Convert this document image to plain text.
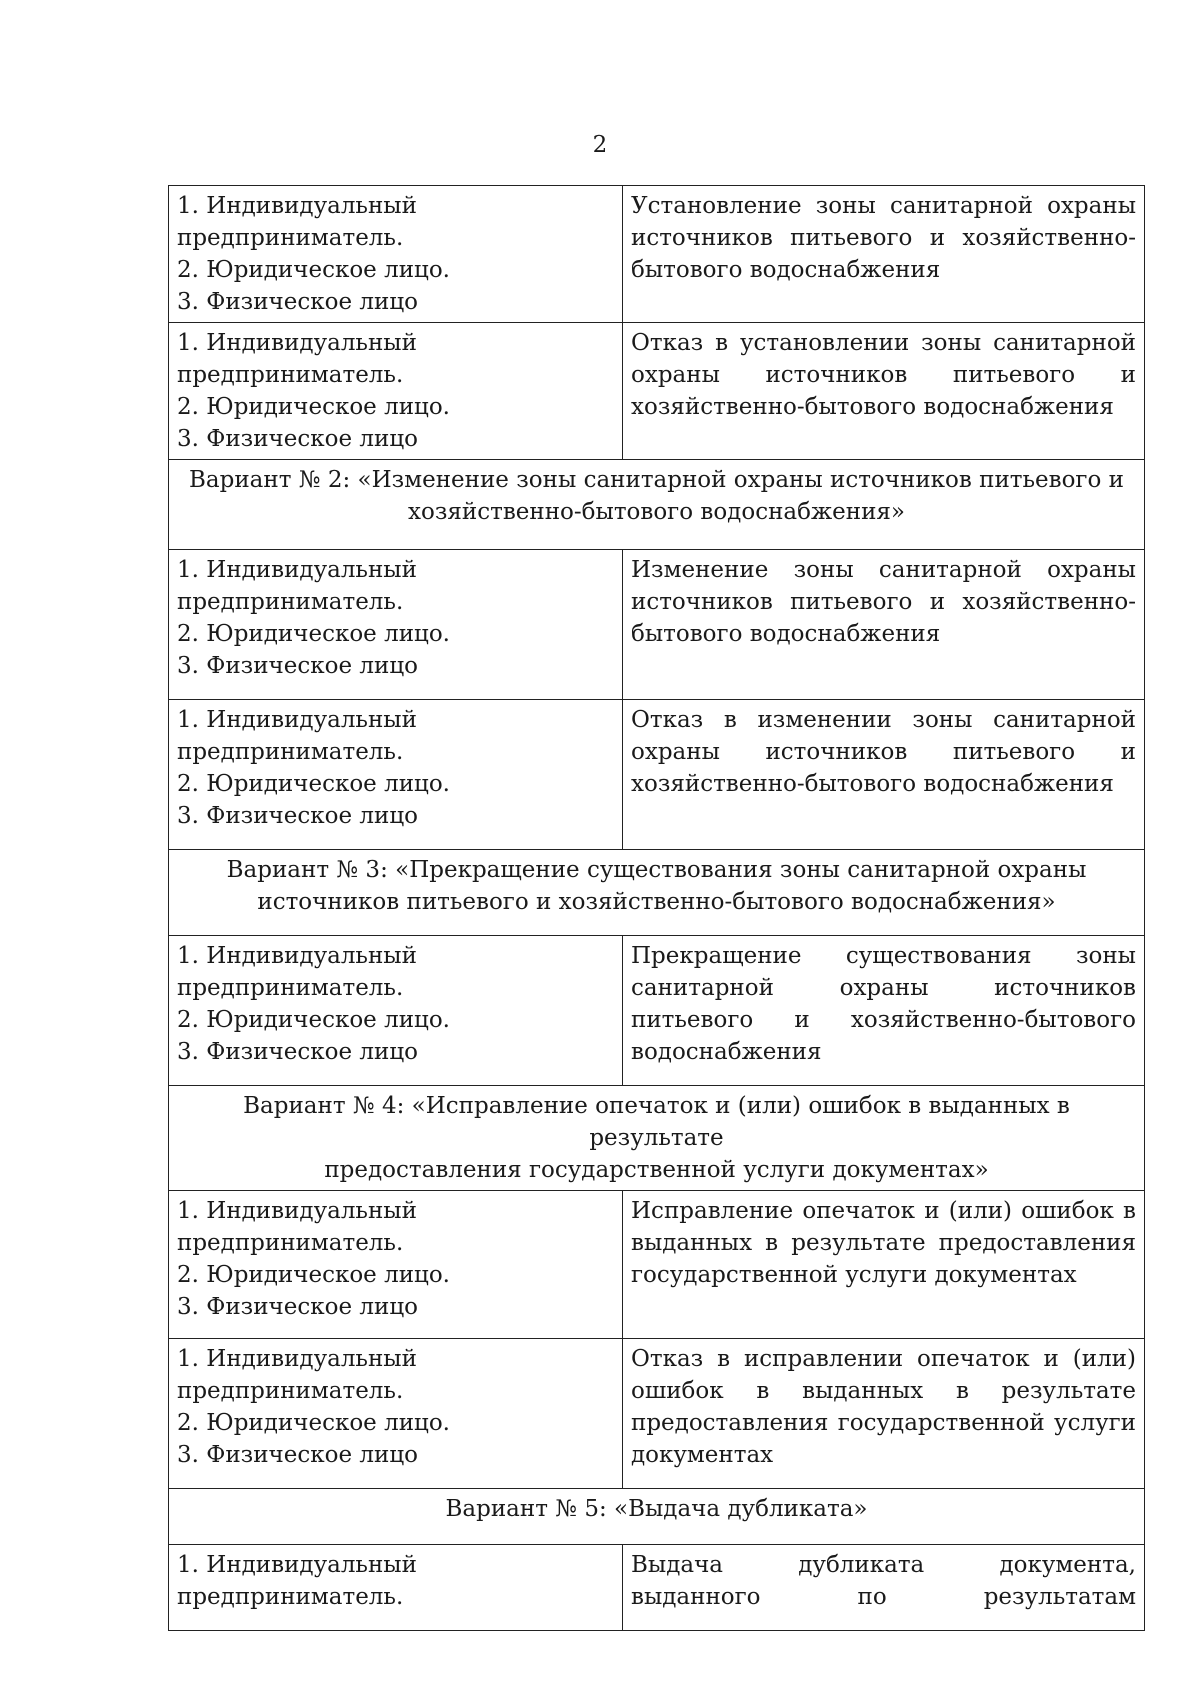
2
1. Индивидуальный
предприниматель.
2. Юридическое лицо.
3. Физическое лицо	Установление зоны санитарной охраны
источников питьевого и хозяйственно-
бытового водоснабжения

1. Индивидуальный
предприниматель.
2. Юридическое лицо.
3. Физическое лицо	Отказ в установлении зоны санитарной
охраны источников питьевого и
хозяйственно-бытового водоснабжения

Вариант № 2: «Изменение зоны санитарной охраны источников питьевого и
хозяйственно-бытового водоснабжения»	

1. Индивидуальный
предприниматель.
2. Юридическое лицо.
3. Физическое лицо	Изменение зоны санитарной охраны
источников питьевого и хозяйственно-
бытового водоснабжения

1. Индивидуальный
предприниматель.
2. Юридическое лицо.
3. Физическое лицо	Отказ в изменении зоны санитарной
охраны источников питьевого и
хозяйственно-бытового водоснабжения

Вариант № 3: «Прекращение существования зоны санитарной охраны
источников питьевого и хозяйственно-бытового водоснабжения»	

1. Индивидуальный
предприниматель.
2. Юридическое лицо.
3. Физическое лицо	Прекращение существования зоны
санитарной охраны источников
питьевого и хозяйственно-бытового
водоснабжения

Вариант № 4: «Исправление опечаток и (или) ошибок в выданных в результате
предоставления государственной услуги документах»	

1. Индивидуальный
предприниматель.
2. Юридическое лицо.
3. Физическое лицо	Исправление опечаток и (или) ошибок в
выданных в результате предоставления
государственной услуги документах

1. Индивидуальный
предприниматель.
2. Юридическое лицо.
3. Физическое лицо	Отказ в исправлении опечаток и (или)
ошибок в выданных в результате
предоставления государственной услуги
документах

Вариант № 5: «Выдача дубликата»	

1. Индивидуальный
предприниматель.	Выдача дубликата документа,
выданного по результатам
